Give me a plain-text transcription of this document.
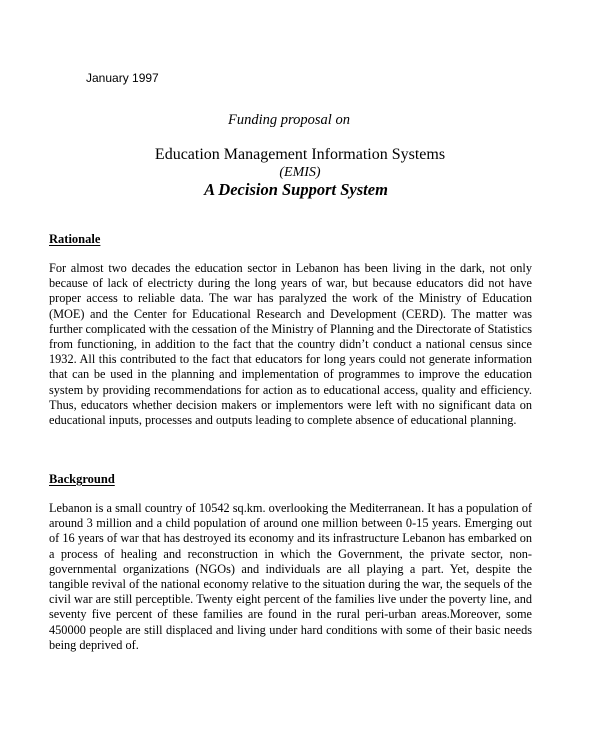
January 1997
Funding proposal on
Education Management Information Systems
(EMIS)
A Decision Support System
Rationale
For almost two decades the education sector in Lebanon has been living in the dark, not only because of lack of electricty during the long years of war, but because educators did not have proper access to reliable data. The war has paralyzed the work of the Ministry of Education (MOE) and the Center for Educational Research and Development (CERD). The matter was further complicated with the cessation of the Ministry of Planning and the Directorate of Statistics from functioning, in addition to the fact that the country didn’t conduct a national census since 1932. All this contributed to the fact that educators for long years could not generate information that can be used in the planning and implementation of programmes to improve the education system by providing recommendations for action as to educational access, quality and efficiency. Thus, educators whether decision makers or implementors were left with no significant data on educational inputs, processes and outputs leading to complete absence of educational planning.
Background
Lebanon is a small country of 10542 sq.km. overlooking the Mediterranean. It has a population of around 3 million and a child population of around one million between 0-15 years. Emerging out of 16 years of war that has destroyed its economy and its infrastructure Lebanon has embarked on a process of healing and reconstruction in which the Government, the private sector, non-governmental organizations (NGOs) and individuals are all playing a part. Yet, despite the tangible revival of the national economy relative to the situation during the war, the sequels of the civil war are still perceptible. Twenty eight percent of the families live under the poverty line, and seventy five percent of these families are found in the rural peri-urban areas.Moreover, some 450000 people are still displaced and living under hard conditions with some of their basic needs being deprived of.
